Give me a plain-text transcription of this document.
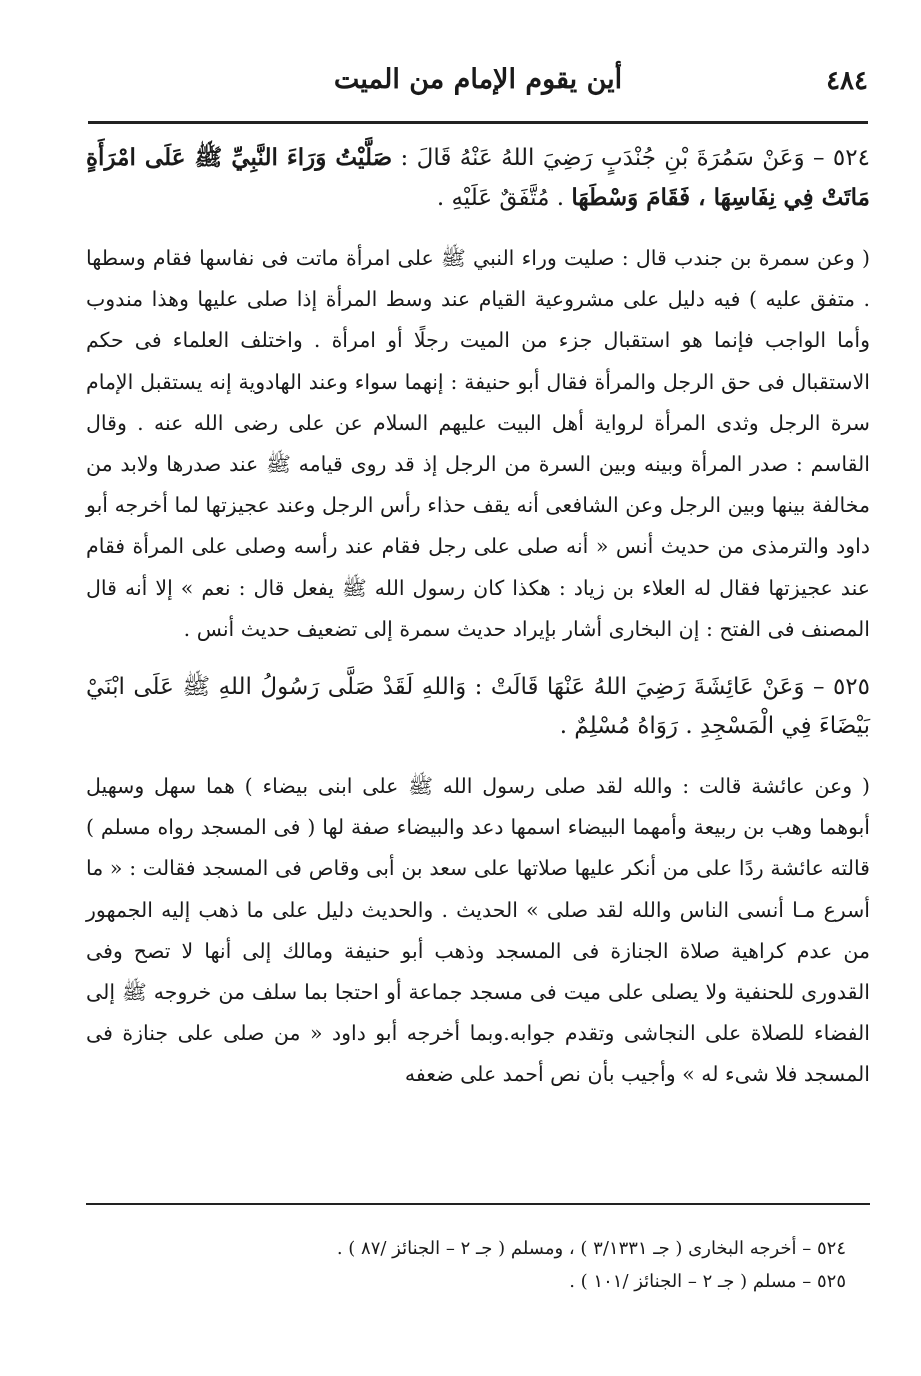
٤٨٤
أين يقوم الإمام من الميت

٥٢٤ – وَعَنْ سَمُرَةَ بْنِ جُنْدَبٍ رَضِيَ اللهُ عَنْهُ قَالَ : صَلَّيْتُ وَرَاءَ النَّبِيِّ ﷺ عَلَى امْرَأَةٍ مَاتَتْ فِي نِفَاسِهَا ، فَقَامَ وَسْطَهَا . مُتَّفَقٌ عَلَيْهِ .

( وعن سمرة بن جندب قال : صليت وراء النبي ﷺ على امرأة ماتت فى نفاسها فقام وسطها . متفق عليه ) فيه دليل على مشروعية القيام عند وسط المرأة إذا صلى عليها وهذا مندوب وأما الواجب فإنما هو استقبال جزء من الميت رجلًا أو امرأة . واختلف العلماء فى حكم الاستقبال فى حق الرجل والمرأة فقال أبو حنيفة : إنهما سواء وعند الهادوية إنه يستقبل الإمام سرة الرجل وثدى المرأة لرواية أهل البيت عليهم السلام عن على رضى الله عنه . وقال القاسم : صدر المرأة وبينه وبين السرة من الرجل إذ قد روى قيامه ﷺ عند صدرها ولابد من مخالفة بينها وبين الرجل وعن الشافعى أنه يقف حذاء رأس الرجل وعند عجيزتها لما أخرجه أبو داود والترمذى من حديث أنس « أنه صلى على رجل فقام عند رأسه وصلى على المرأة فقام عند عجيزتها فقال له العلاء بن زياد : هكذا كان رسول الله ﷺ يفعل قال : نعم » إلا أنه قال المصنف فى الفتح : إن البخارى أشار بإيراد حديث سمرة إلى تضعيف حديث أنس .

٥٢٥ – وَعَنْ عَائِشَةَ رَضِيَ اللهُ عَنْهَا قَالَتْ : وَاللهِ لَقَدْ صَلَّى رَسُولُ اللهِ ﷺ عَلَى ابْنَيْ بَيْضَاءَ فِي الْمَسْجِدِ . رَوَاهُ مُسْلِمٌ .

( وعن عائشة قالت : والله لقد صلى رسول الله ﷺ على ابنى بيضاء ) هما سهل وسهيل أبوهما وهب بن ربيعة وأمهما البيضاء اسمها دعد والبيضاء صفة لها ( فى المسجد رواه مسلم ) قالته عائشة ردًا على من أنكر عليها صلاتها على سعد بن أبى وقاص فى المسجد فقالت : « ما أسرع مـا أنسى الناس والله لقد صلى » الحديث . والحديث دليل على ما ذهب إليه الجمهور من عدم كراهية صلاة الجنازة فى المسجد وذهب أبو حنيفة ومالك إلى أنها لا تصح وفى القدورى للحنفية ولا يصلى على ميت فى مسجد جماعة أو احتجا بما سلف من خروجه ﷺ إلى الفضاء للصلاة على النجاشى وتقدم جوابه.وبما أخرجه أبو داود « من صلى على جنازة فى المسجد فلا شىء له » وأجيب بأن نص أحمد على ضعفه

٥٢٤ – أخرجه البخارى ( جـ ٣/١٣٣١ ) ، ومسلم ( جـ ٢ – الجنائز /٨٧ ) .

٥٢٥ – مسلم ( جـ ٢ – الجنائز /١٠١ ) .
